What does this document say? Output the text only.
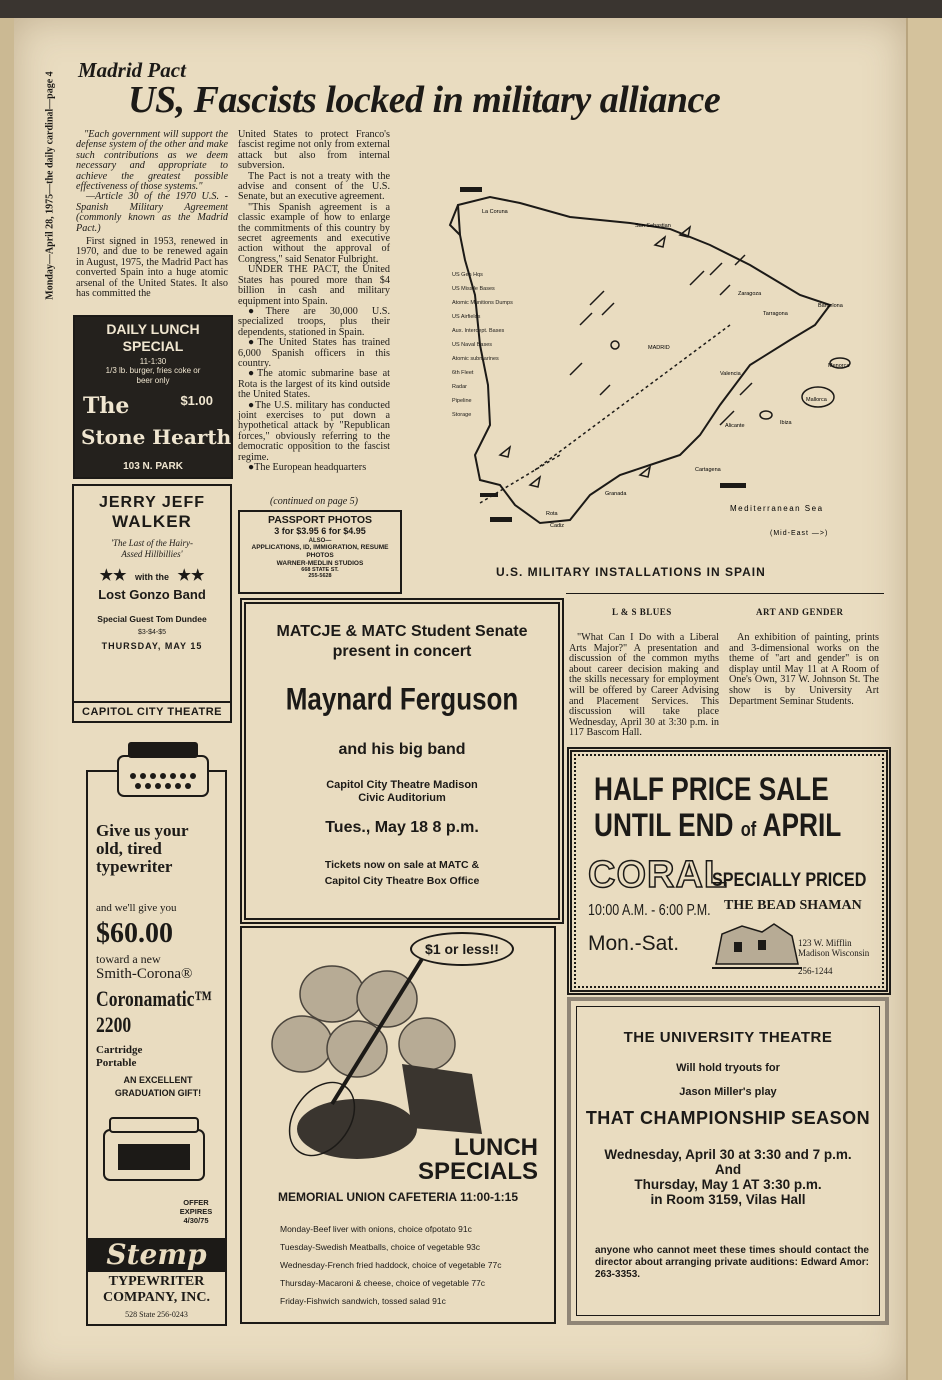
Monday—April 28, 1975—the daily cardinal—page 4
Madrid Pact
US, Fascists locked in military alliance

"Each government will support the defense system of the other and make such contributions as we deem necessary and appropriate to achieve the greatest possible effectiveness of those systems."

—Article 30 of the 1970 U.S. - Spanish Military Agreement (commonly known as the Madrid Pact.)

First signed in 1953, renewed in 1970, and due to be renewed again in August, 1975, the Madrid Pact has converted Spain into a huge atomic arsenal of the United States. It also has committed the

United States to protect Franco's fascist regime not only from external attack but also from internal subversion.

The Pact is not a treaty with the advise and consent of the U.S. Senate, but an executive agreement.

"This Spanish agreement is a classic example of how to enlarge the commitments of this country by secret agreements and executive action without the approval of Congress," said Senator Fulbright.

UNDER THE PACT, the United States has poured more than $4 billion in cash and military equipment into Spain.

●There are 30,000 U.S. specialized troops, plus their dependents, stationed in Spain.

●The United States has trained 6,000 Spanish officers in this country.

●The atomic submarine base at Rota is the largest of its kind outside the United States.

●The U.S. military has conducted joint exercises to put down a hypothetical attack by "Republican forces," obviously referring to the democratic opposition to the fascist regime.

●The European headquarters

(continued on page 5)
La Coruna
San Sebastian
Zaragoza
Barcelona
Tarragona
MADRID
Valencia
Menorca
Mallorca
Ibiza
Alicante
Cartagena
Granada
Rota
Cadiz
Mediterranean Sea
(Mid-East —>)
US Gen Hqs
US Missile Bases
Atomic Munitions Dumps
US Airfields
Aux. Intercept. Bases
US Naval Bases
Atomic submarines
6th Fleet
Radar
Pipeline
Storage
U.S. MILITARY INSTALLATIONS IN SPAIN
DAILY LUNCH SPECIAL
11-1:30
1/3 lb. burger, fries coke or beer only
$1.00
The
Stone Hearth
103 N. PARK
JERRY JEFF
WALKER
'The Last of the Hairy-Assed Hillbillies'
★★ with the ★★
Lost Gonzo Band
Special Guest Tom Dundee
$3-$4-$5
THURSDAY, MAY 15
CAPITOL CITY THEATRE
PASSPORT PHOTOS
3 for $3.95 6 for $4.95
ALSO—
APPLICATIONS, ID, IMMIGRATION, RESUME PHOTOS
WARNER-MEDLIN STUDIOS
668 STATE ST.
255-5628
MATCJE & MATC Student Senate present in concert
Maynard Ferguson
and his big band
Capitol City Theatre Madison Civic Auditorium
Tues., May 18 8 p.m.
Tickets now on sale at MATC & Capitol City Theatre Box Office
Give us your old, tired typewriter
and we'll give you
$60.00
toward a new
Smith-Corona®
Coronamatic™ 2200
Cartridge Portable
AN EXCELLENT GRADUATION GIFT!
OFFER EXPIRES 4/30/75
Stemp
TYPEWRITER COMPANY, INC.
528 State 256-0243
$1 or less!!
LUNCH
SPECIALS
MEMORIAL UNION CAFETERIA 11:00-1:15
Monday-Beef liver with onions, choice ofpotato 91c
Tuesday-Swedish Meatballs, choice of vegetable 93c
Wednesday-French fried haddock, choice of vegetable 77c
Thursday-Macaroni & cheese, choice of vegetable 77c
Friday-Fishwich sandwich, tossed salad 91c
L & S BLUES	ART AND GENDER

"What Can I Do with a Liberal Arts Major?" A presentation and discussion of the common myths about career decision making and the skills necessary for employment will be offered by Career Advising and Placement Services. This discussion will take place Wednesday, April 30 at 3:30 p.m. in 117 Bascom Hall.

An exhibition of painting, prints and 3-dimensional works on the theme of "art and gender" is on display until May 11 at A Room of One's Own, 317 W. Johnson St. The show is by University Art Department Seminar Students.

HALF PRICE SALE
UNTIL END of APRIL
CORAL
SPECIALLY PRICED
10:00 A.M. - 6:00 P.M.
Mon.-Sat.
THE BEAD SHAMAN
123 W. Mifflin Madison Wisconsin
256-1244
THE UNIVERSITY THEATRE
Will hold tryouts for
Jason Miller's play
THAT CHAMPIONSHIP SEASON
Wednesday, April 30 at 3:30 and 7 p.m.
And
Thursday, May 1 AT 3:30 p.m.
in Room 3159, Vilas Hall
anyone who cannot meet these times should contact the director about arranging private auditions: Edward Amor: 263-3353.
